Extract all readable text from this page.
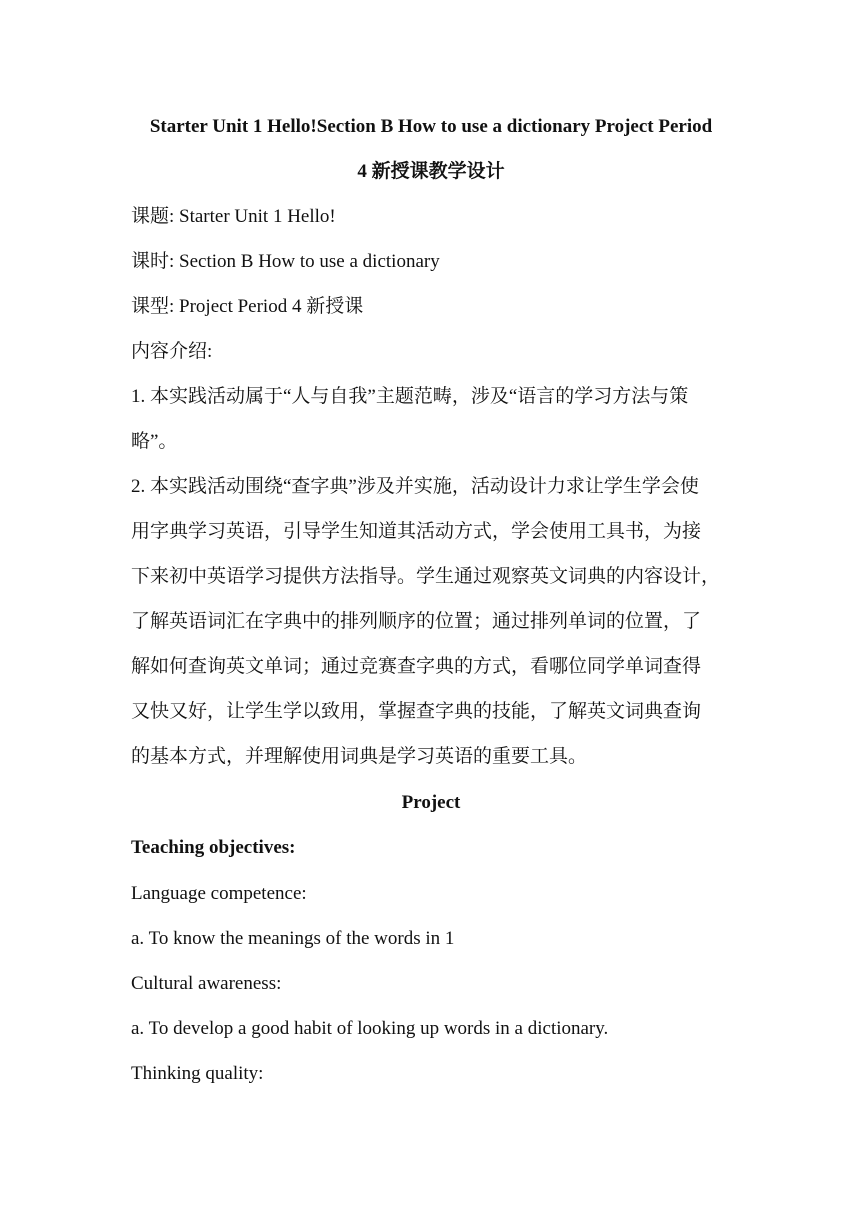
Starter Unit 1 Hello!Section B How to use a dictionary Project Period
4 新授课教学设计
课题: Starter Unit 1 Hello!
课时: Section B How to use a dictionary
课型: Project Period 4 新授课
内容介绍:
1. 本实践活动属于“人与自我”主题范畴，涉及“语言的学习方法与策
略”。
2. 本实践活动围绕“查字典”涉及并实施，活动设计力求让学生学会使
用字典学习英语，引导学生知道其活动方式，学会使用工具书，为接
下来初中英语学习提供方法指导。学生通过观察英文词典的内容设计，
了解英语词汇在字典中的排列顺序的位置；通过排列单词的位置，了
解如何查询英文单词；通过竞赛查字典的方式，看哪位同学单词查得
又快又好，让学生学以致用，掌握查字典的技能，了解英文词典查询
的基本方式，并理解使用词典是学习英语的重要工具。
Project
Teaching objectives:
Language competence:
a. To know the meanings of the words in 1
Cultural awareness:
a. To develop a good habit of looking up words in a dictionary.
Thinking quality:
